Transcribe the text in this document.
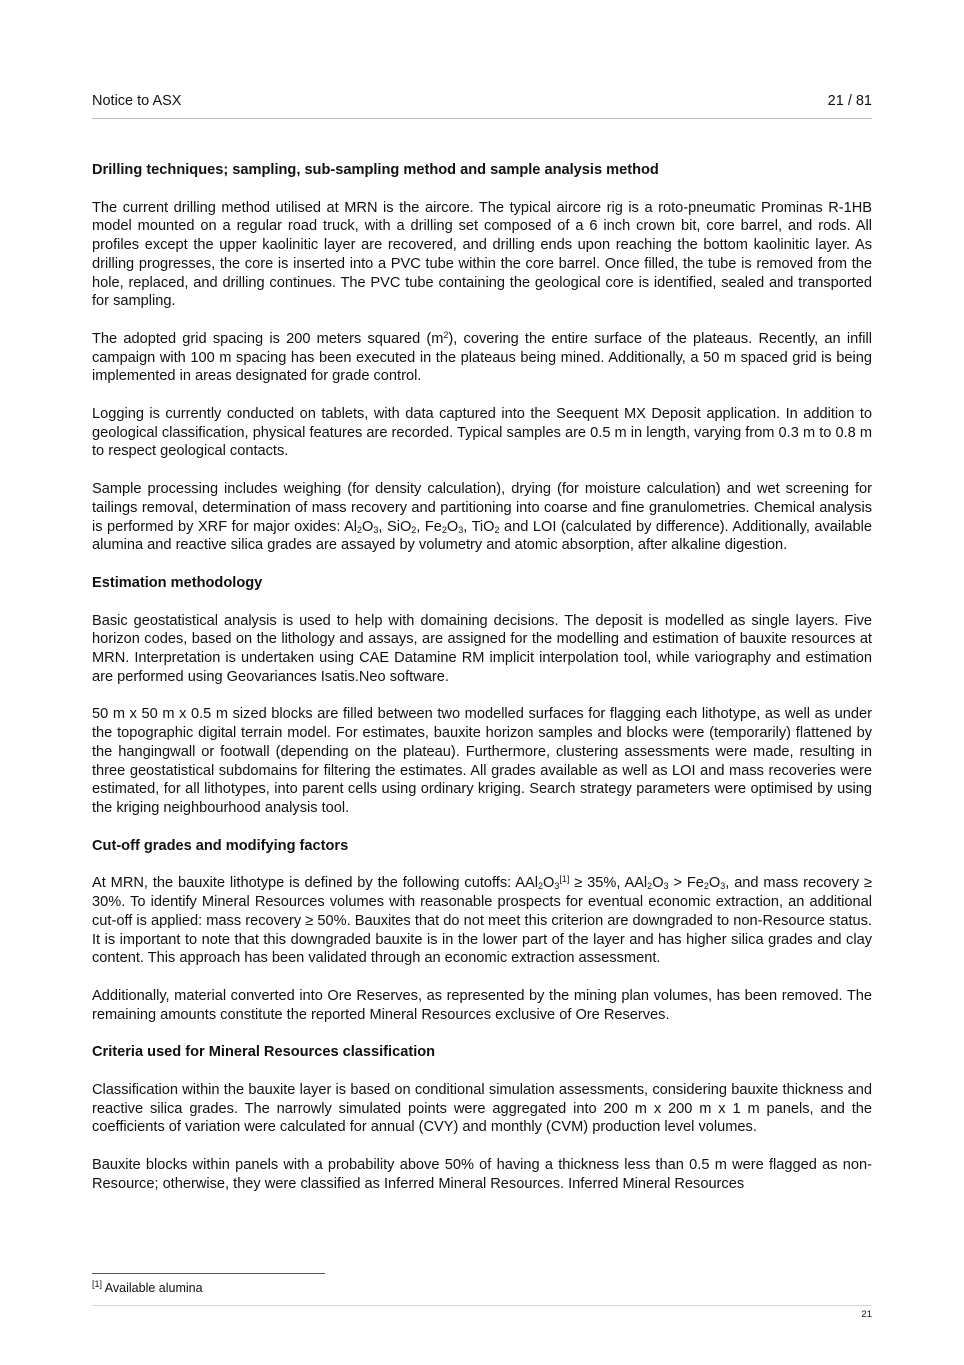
Notice to ASX	21 / 81
Drilling techniques; sampling, sub-sampling method and sample analysis method

The current drilling method utilised at MRN is the aircore. The typical aircore rig is a roto-pneumatic Prominas R-1HB model mounted on a regular road truck, with a drilling set composed of a 6 inch crown bit, core barrel, and rods. All profiles except the upper kaolinitic layer are recovered, and drilling ends upon reaching the bottom kaolinitic layer. As drilling progresses, the core is inserted into a PVC tube within the core barrel. Once filled, the tube is removed from the hole, replaced, and drilling continues. The PVC tube containing the geological core is identified, sealed and transported for sampling.

The adopted grid spacing is 200 meters squared $(m^2)$, covering the entire surface of the plateaus. Recently, an infill campaign with 100 m spacing has been executed in the plateaus being mined. Additionally, a 50 m spaced grid is being implemented in areas designated for grade control.

Logging is currently conducted on tablets, with data captured into the Seequent MX Deposit application. In addition to geological classification, physical features are recorded. Typical samples are 0.5 m in length, varying from 0.3 m to 0.8 m to respect geological contacts.

Sample processing includes weighing (for density calculation), drying (for moisture calculation) and wet screening for tailings removal, determination of mass recovery and partitioning into coarse and fine granulometries. Chemical analysis is performed by XRF for major oxides: $Al_2O_3$, SiO$_2$, $Fe_2O_3$, TiO$_2$ and LOI (calculated by difference). Additionally, available alumina and reactive silica grades are assayed by volumetry and atomic absorption, after alkaline digestion.

Estimation methodology

Basic geostatistical analysis is used to help with domaining decisions. The deposit is modelled as single layers. Five horizon codes, based on the lithology and assays, are assigned for the modelling and estimation of bauxite resources at MRN. Interpretation is undertaken using CAE Datamine RM implicit interpolation tool, while variography and estimation are performed using Geovariances Isatis.Neo software.

50 m x 50 m x 0.5 m sized blocks are filled between two modelled surfaces for flagging each lithotype, as well as under the topographic digital terrain model. For estimates, bauxite horizon samples and blocks were (temporarily) flattened by the hangingwall or footwall (depending on the plateau). Furthermore, clustering assessments were made, resulting in three geostatistical subdomains for filtering the estimates. All grades available as well as LOI and mass recoveries were estimated, for all lithotypes, into parent cells using ordinary kriging. Search strategy parameters were optimised by using the kriging neighbourhood analysis tool.

Cut-off grades and modifying factors

At MRN, the bauxite lithotype is defined by the following cutoffs: $AAl_2O_3[1] \ge 35\%$, $AAl_2O_3 > Fe_2O_3$, and mass recovery ≥ 30%. To identify Mineral Resources volumes with reasonable prospects for eventual economic extraction, an additional cut-off is applied: mass recovery ≥ 50%. Bauxites that do not meet this criterion are downgraded to non-Resource status. It is important to note that this downgraded bauxite is in the lower part of the layer and has higher silica grades and clay content. This approach has been validated through an economic extraction assessment.

Additionally, material converted into Ore Reserves, as represented by the mining plan volumes, has been removed. The remaining amounts constitute the reported Mineral Resources exclusive of Ore Reserves.

Criteria used for Mineral Resources classification

Classification within the bauxite layer is based on conditional simulation assessments, considering bauxite thickness and reactive silica grades. The narrowly simulated points were aggregated into 200 m x 200 m x 1 m panels, and the coefficients of variation were calculated for annual (CVY) and monthly (CVM) production level volumes.

Bauxite blocks within panels with a probability above 50% of having a thickness less than 0.5 m were flagged as non-Resource; otherwise, they were classified as Inferred Mineral Resources. Inferred Mineral Resources

[1] Available alumina
21
